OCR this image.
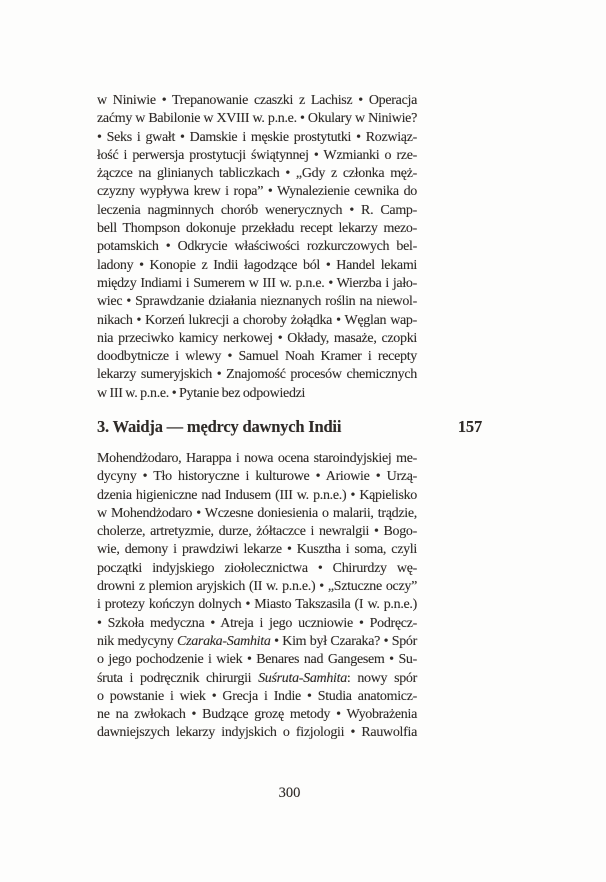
w Niniwie • Trepanowanie czaszki z Lachisz • Operacja
zaćmy w Babilonie w XVIII w. p.n.e. • Okulary w Niniwie?
• Seks i gwałt • Damskie i męskie prostytutki • Rozwiąz-
łość i perwersja prostytucji świątynnej • Wzmianki o rze-
żączce na glinianych tabliczkach • „Gdy z członka męż-
czyzny wypływa krew i ropa” • Wynalezienie cewnika do
leczenia nagminnych chorób wenerycznych • R. Camp-
bell Thompson dokonuje przekładu recept lekarzy mezo-
potamskich • Odkrycie właściwości rozkurczowych bel-
ladony • Konopie z Indii łagodzące ból • Handel lekami
między Indiami i Sumerem w III w. p.n.e. • Wierzba i jało-
wiec • Sprawdzanie działania nieznanych roślin na niewol-
nikach • Korzeń lukrecji a choroby żołądka • Węglan wap-
nia przeciwko kamicy nerkowej • Okłady, masaże, czopki
doodbytnicze i wlewy • Samuel Noah Kramer i recepty
lekarzy sumeryjskich • Znajomość procesów chemicznych
w III w. p.n.e. • Pytanie bez odpowiedzi
3. Waidja — mędrcy dawnych Indii	157
Mohendżodaro, Harappa i nowa ocena staroindyjskiej me-
dycyny • Tło historyczne i kulturowe • Ariowie • Urzą-
dzenia higieniczne nad Indusem (III w. p.n.e.) • Kąpielisko
w Mohendżodaro • Wczesne doniesienia o malarii, trądzie,
cholerze, artretyzmie, durze, żółtaczce i newralgii • Bogo-
wie, demony i prawdziwi lekarze • Kusztha i soma, czyli
początki indyjskiego ziołolecznictwa • Chirurdzy wę-
drowni z plemion aryjskich (II w. p.n.e.) • „Sztuczne oczy”
i protezy kończyn dolnych • Miasto Takszasila (I w. p.n.e.)
• Szkoła medyczna • Atreja i jego uczniowie • Podręcz-
nik medycyny Czaraka-Samhita • Kim był Czaraka? • Spór
o jego pochodzenie i wiek • Benares nad Gangesem • Su-
śruta i podręcznik chirurgii Suśruta-Samhita: nowy spór
o powstanie i wiek • Grecja i Indie • Studia anatomicz-
ne na zwłokach • Budzące grozę metody • Wyobrażenia
dawniejszych lekarzy indyjskich o fizjologii • Rauwolfia
300
